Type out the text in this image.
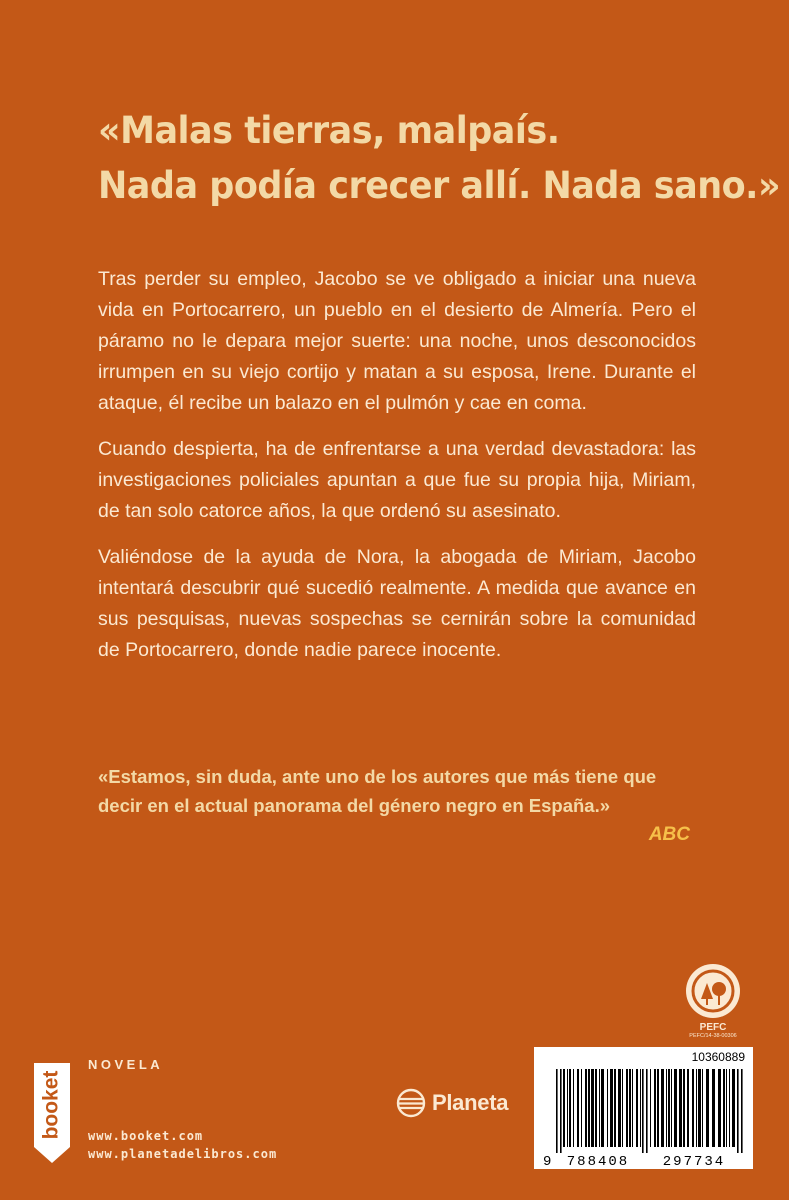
«Malas tierras, malpaís.
Nada podía crecer allí. Nada sano.»

Tras perder su empleo, Jacobo se ve obligado a iniciar una nueva vida en Portocarrero, un pueblo en el desierto de Almería. Pero el páramo no le depara mejor suerte: una noche, unos desconocidos irrumpen en su viejo cortijo y matan a su esposa, Irene. Durante el ataque, él recibe un balazo en el pulmón y cae en coma.

Cuando despierta, ha de enfrentarse a una verdad devastadora: las investigaciones policiales apuntan a que fue su propia hija, Miriam, de tan solo catorce años, la que ordenó su asesinato.

Valiéndose de la ayuda de Nora, la abogada de Miriam, Jacobo intentará descubrir qué sucedió realmente. A medida que avance en sus pesquisas, nuevas sospechas se cernirán sobre la comunidad de Portocarrero, donde nadie parece inocente.

«Estamos, sin duda, ante uno de los autores que más tiene que

decir en el actual panorama del género negro en España.»

ABC

booket
NOVELA
www.booket.com
www.planetadelibros.com
Planeta
PEFC
PEFC/14-38-00306
10360889
9 788408 297734
